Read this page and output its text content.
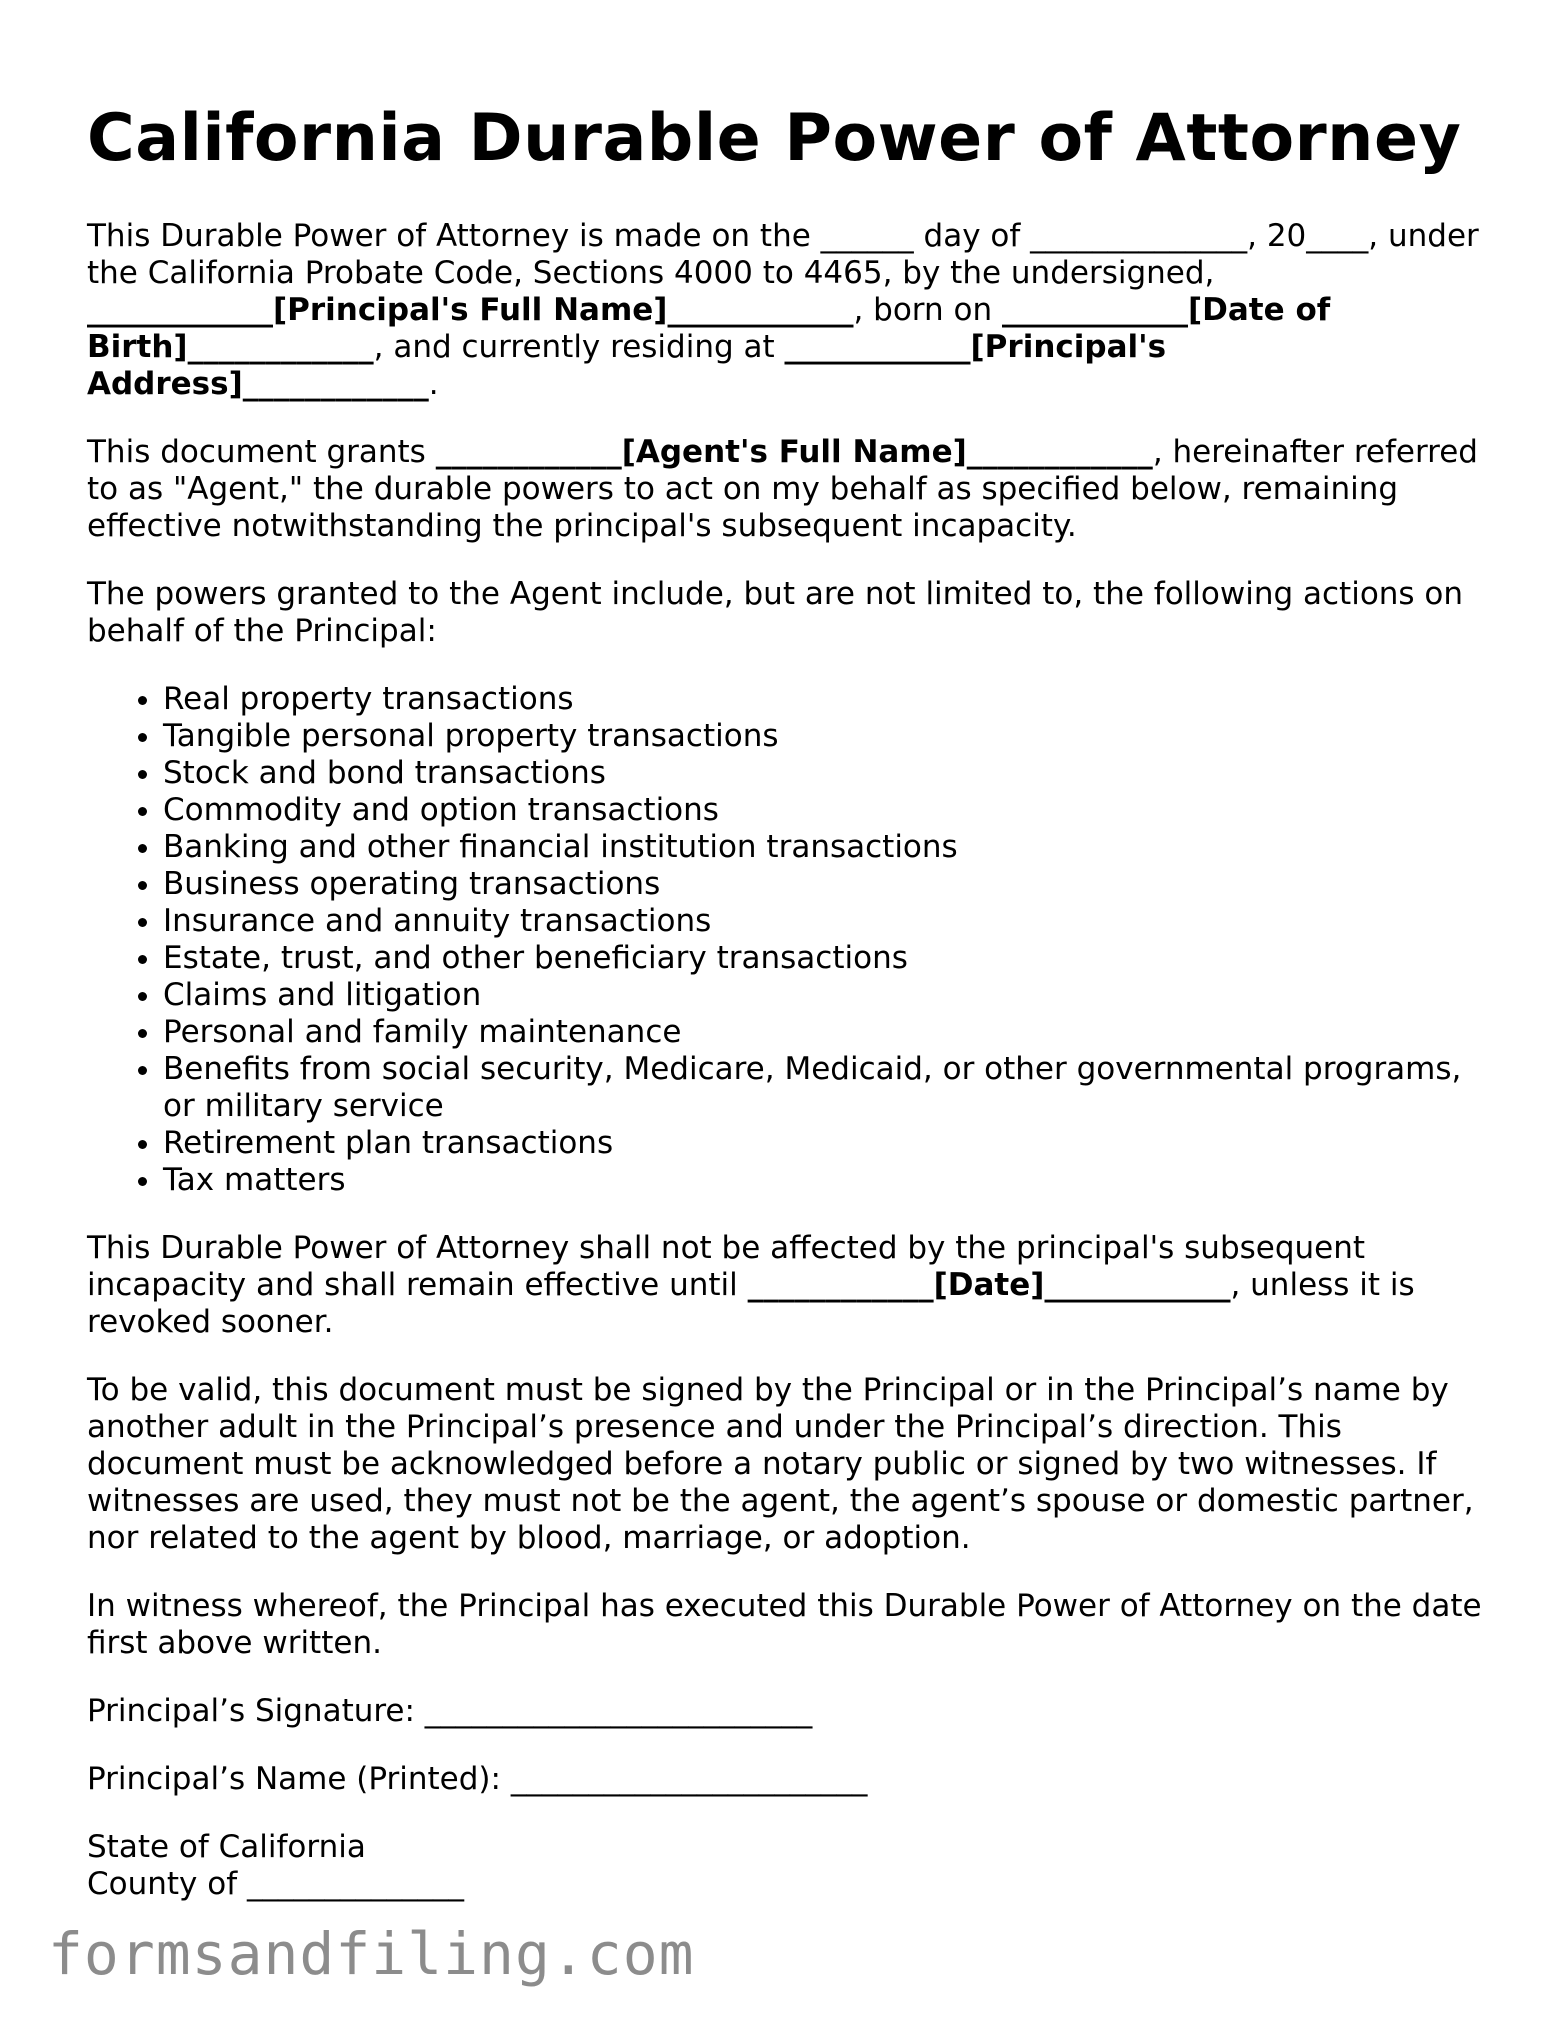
California Durable Power of Attorney

This Durable Power of Attorney is made on the ______ day of ______________, 20____, under the California Probate Code, Sections 4000 to 4465, by the undersigned, ____________[Principal's Full Name]____________, born on ____________[Date of Birth]____________, and currently residing at ____________[Principal's Address]____________.

This document grants ____________[Agent's Full Name]____________, hereinafter referred to as "Agent," the durable powers to act on my behalf as specified below, remaining effective notwithstanding the principal's subsequent incapacity.

The powers granted to the Agent include, but are not limited to, the following actions on behalf of the Principal:

• Real property transactions
• Tangible personal property transactions
• Stock and bond transactions
• Commodity and option transactions
• Banking and other financial institution transactions
• Business operating transactions
• Insurance and annuity transactions
• Estate, trust, and other beneficiary transactions
• Claims and litigation
• Personal and family maintenance
• Benefits from social security, Medicare, Medicaid, or other governmental programs, or military service
• Retirement plan transactions
• Tax matters

This Durable Power of Attorney shall not be affected by the principal's subsequent incapacity and shall remain effective until ____________[Date]____________, unless it is revoked sooner.

To be valid, this document must be signed by the Principal or in the Principal’s name by another adult in the Principal’s presence and under the Principal’s direction. This document must be acknowledged before a notary public or signed by two witnesses. If witnesses are used, they must not be the agent, the agent’s spouse or domestic partner, nor related to the agent by blood, marriage, or adoption.

In witness whereof, the Principal has executed this Durable Power of Attorney on the date first above written.

Principal’s Signature: _________________________
Principal’s Name (Printed): _______________________
State of California
County of ______________
formsandfiling.com
